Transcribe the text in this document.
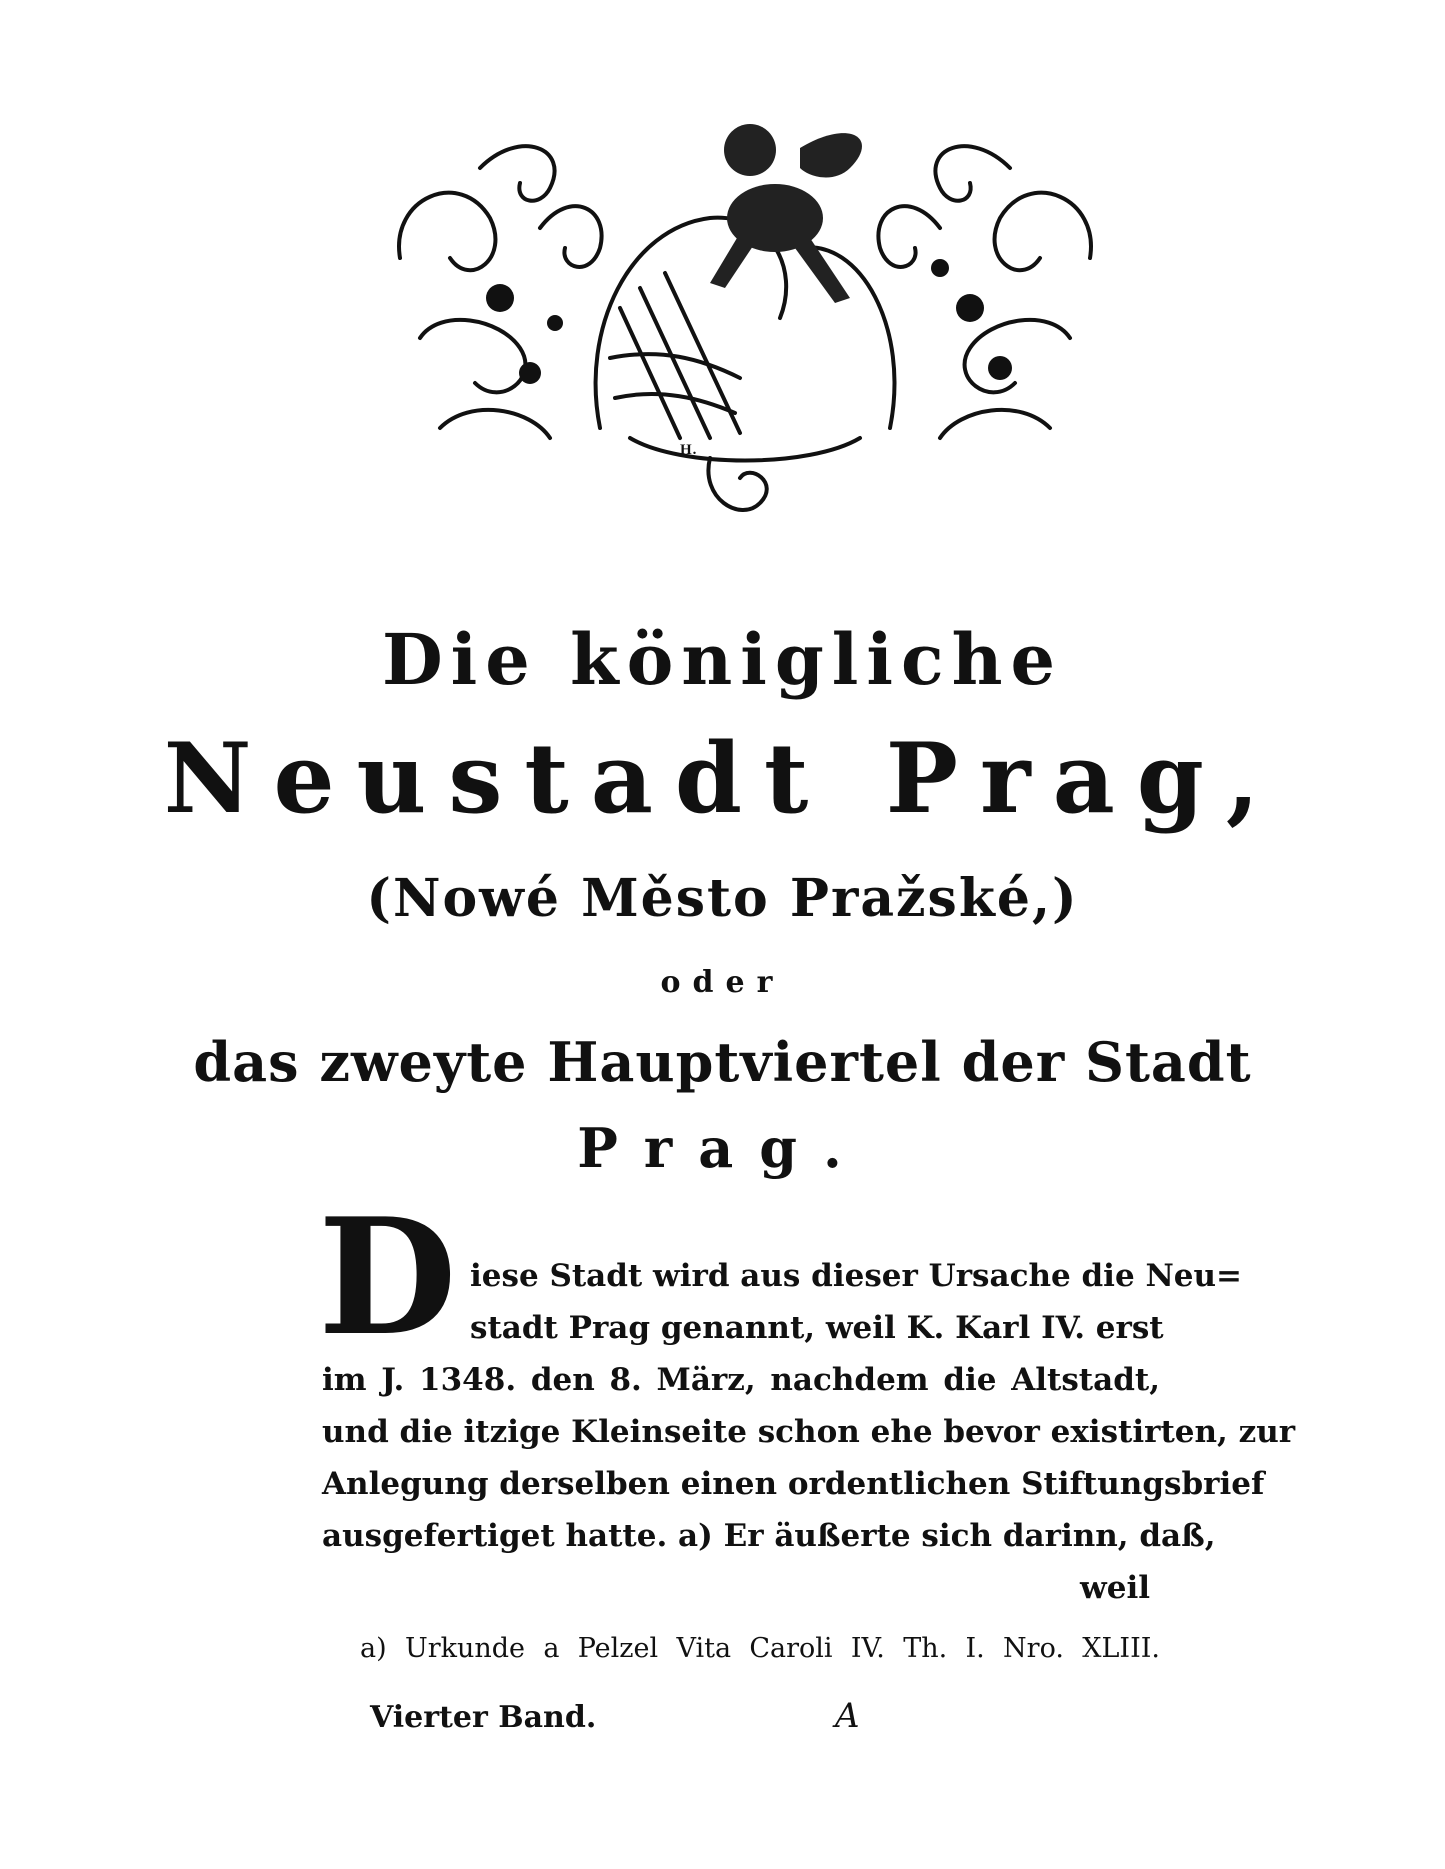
H.
Die königliche
Neustadt Prag,
(Nowé Město Pražské,)
oder
das zweyte Hauptviertel der Stadt
Prag.
D iese Stadt wird aus dieser Ursache die Neu=
stadt Prag genannt, weil K. Karl IV. erst
im J. 1348. den 8. März, nachdem die Altstadt,
und die itzige Kleinseite schon ehe bevor existirten, zur
Anlegung derselben einen ordentlichen Stiftungsbrief
ausgefertiget hatte. a) Er äußerte sich darinn, daß,
weil
a) Urkunde a Pelzel Vita Caroli IV. Th. I. Nro. XLIII.
Vierter Band.	A
